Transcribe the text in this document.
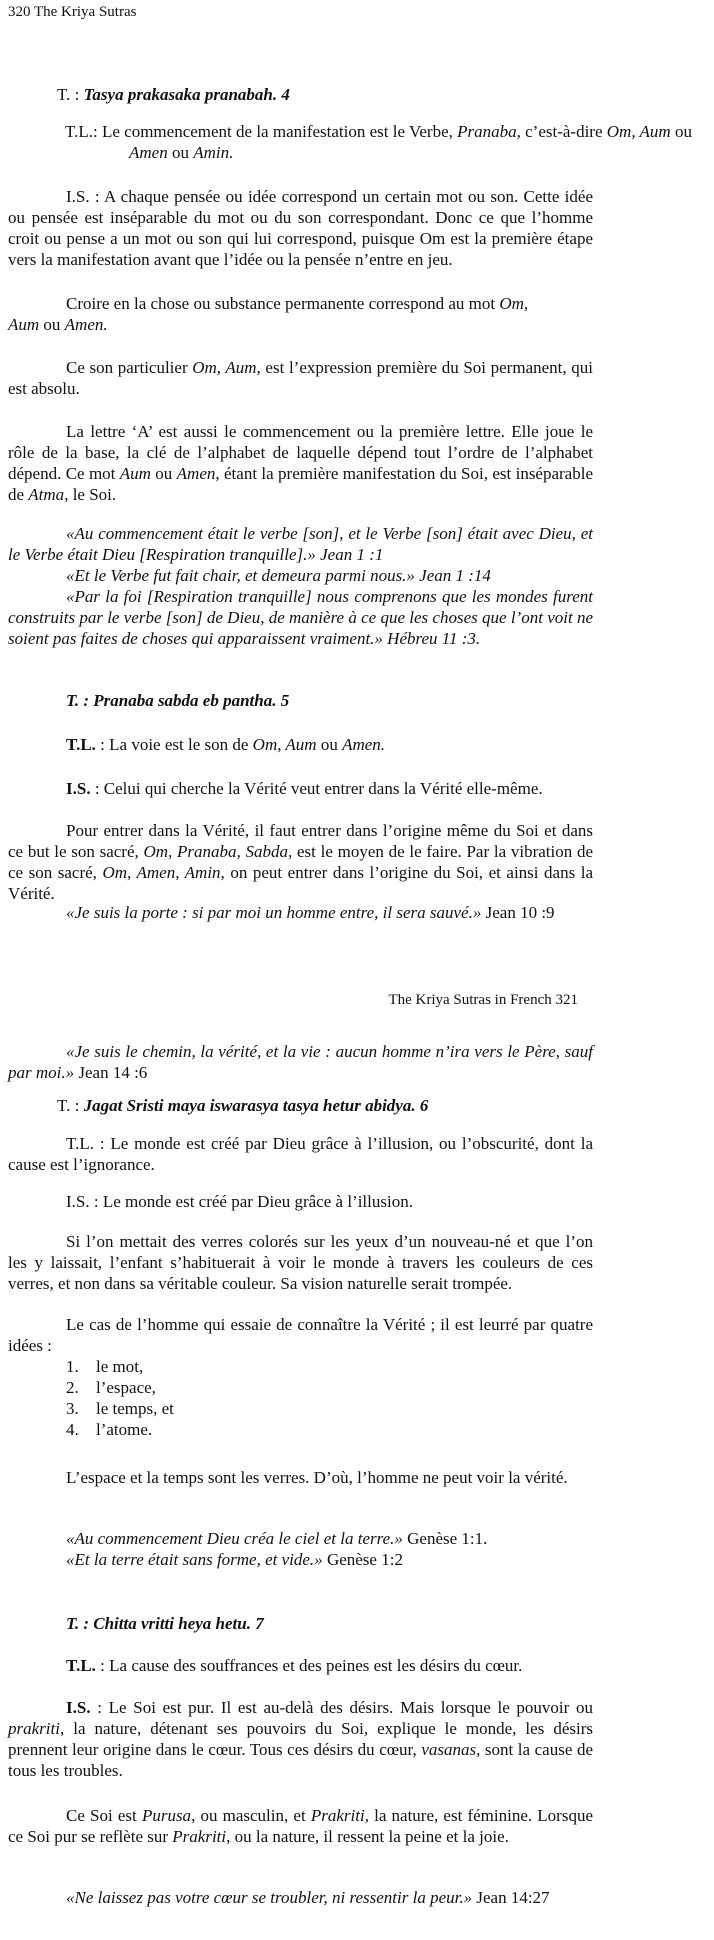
320 The Kriya Sutras

T. : Tasya prakasaka pranabah. 4

T.L.: Le commencement de la manifestation est le Verbe, Pranaba, c’est-à-dire Om, Aum ou Amen ou Amin.

I.S. : A chaque pensée ou idée correspond un certain mot ou son. Cette idée ou pensée est inséparable du mot ou du son correspondant. Donc ce que l’homme croit ou pense a un mot ou son qui lui correspond, puisque Om est la première étape vers la manifestation avant que l’idée ou la pensée n’entre en jeu.

Croire en la chose ou substance permanente correspond au mot Om,
Aum ou Amen.

Ce son particulier Om, Aum, est l’expression première du Soi permanent, qui est absolu.

La lettre ‘A’ est aussi le commencement ou la première lettre. Elle joue le rôle de la base, la clé de l’alphabet de laquelle dépend tout l’ordre de l’alphabet dépend. Ce mot Aum ou Amen, étant la première manifestation du Soi, est inséparable de Atma, le Soi.

«Au commencement était le verbe [son], et le Verbe [son] était avec Dieu, et le Verbe était Dieu [Respiration tranquille].» Jean 1 :1

«Et le Verbe fut fait chair, et demeura parmi nous.» Jean 1 :14

«Par la foi [Respiration tranquille] nous comprenons que les mondes furent construits par le verbe [son] de Dieu, de manière à ce que les choses que l’ont voit ne soient pas faites de choses qui apparaissent vraiment.» Hébreu 11 :3.

T. : Pranaba sabda eb pantha. 5

T.L. : La voie est le son de Om, Aum ou Amen.

I.S. : Celui qui cherche la Vérité veut entrer dans la Vérité elle-même.

Pour entrer dans la Vérité, il faut entrer dans l’origine même du Soi et dans ce but le son sacré, Om, Pranaba, Sabda, est le moyen de le faire. Par la vibration de ce son sacré, Om, Amen, Amin, on peut entrer dans l’origine du Soi, et ainsi dans la Vérité.

«Je suis la porte : si par moi un homme entre, il sera sauvé.» Jean 10 :9

The Kriya Sutras in French 321

«Je suis le chemin, la vérité, et la vie : aucun homme n’ira vers le Père, sauf par moi.» Jean 14 :6

T. : Jagat Sristi maya iswarasya tasya hetur abidya. 6

T.L. : Le monde est créé par Dieu grâce à l’illusion, ou l’obscurité, dont la cause est l’ignorance.

I.S. : Le monde est créé par Dieu grâce à l’illusion.

Si l’on mettait des verres colorés sur les yeux d’un nouveau-né et que l’on les y laissait, l’enfant s’habituerait à voir le monde à travers les couleurs de ces verres, et non dans sa véritable couleur. Sa vision naturelle serait trompée.

Le cas de l’homme qui essaie de connaître la Vérité ; il est leurré par quatre idées :

1. le mot,
2. l’espace,
3. le temps, et
4. l’atome.

L’espace et la temps sont les verres. D’où, l’homme ne peut voir la vérité.

«Au commencement Dieu créa le ciel et la terre.» Genèse 1:1.

«Et la terre était sans forme, et vide.» Genèse 1:2

T. : Chitta vritti heya hetu. 7

T.L. : La cause des souffrances et des peines est les désirs du cœur.

I.S. : Le Soi est pur. Il est au-delà des désirs. Mais lorsque le pouvoir ou prakriti, la nature, détenant ses pouvoirs du Soi, explique le monde, les désirs prennent leur origine dans le cœur. Tous ces désirs du cœur, vasanas, sont la cause de tous les troubles.

Ce Soi est Purusa, ou masculin, et Prakriti, la nature, est féminine. Lorsque ce Soi pur se reflète sur Prakriti, ou la nature, il ressent la peine et la joie.

«Ne laissez pas votre cœur se troubler, ni ressentir la peur.» Jean 14:27
